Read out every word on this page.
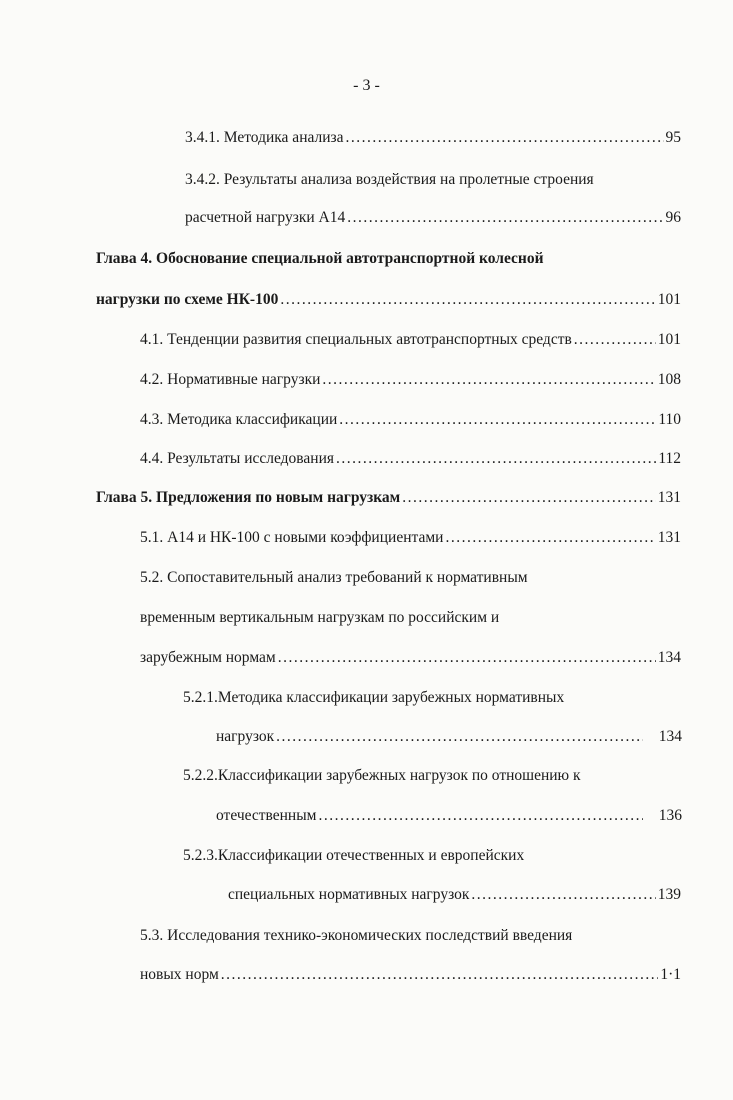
- 3 -
3.4.1. Методика анализа .....	95
3.4.2. Результаты анализа воздействия на пролетные строения
расчетной нагрузки А14 .....	96
Глава 4. Обоснование специальной автотранспортной колесной
нагрузки по схеме НК-100 .....	101
4.1. Тенденции развития специальных автотранспортных средств .....	101
4.2. Нормативные нагрузки .....	108
4.3. Методика классификации .....	110
4.4. Результаты исследования .....	112
Глава 5. Предложения по новым нагрузкам .....	131
5.1. А14 и НК-100 с новыми коэффициентами .....	131
5.2. Сопоставительный анализ требований к нормативным
временным вертикальным нагрузкам по российским и
зарубежным нормам .....	134
5.2.1.Методика классификации зарубежных нормативных
нагрузок .....	134
5.2.2.Классификации зарубежных нагрузок по отношению к
отечественным .....	136
5.2.3.Классификации отечественных и европейских
специальных нормативных нагрузок .....	139
5.3. Исследования технико-экономических последствий введения
новых норм .....	1·1
